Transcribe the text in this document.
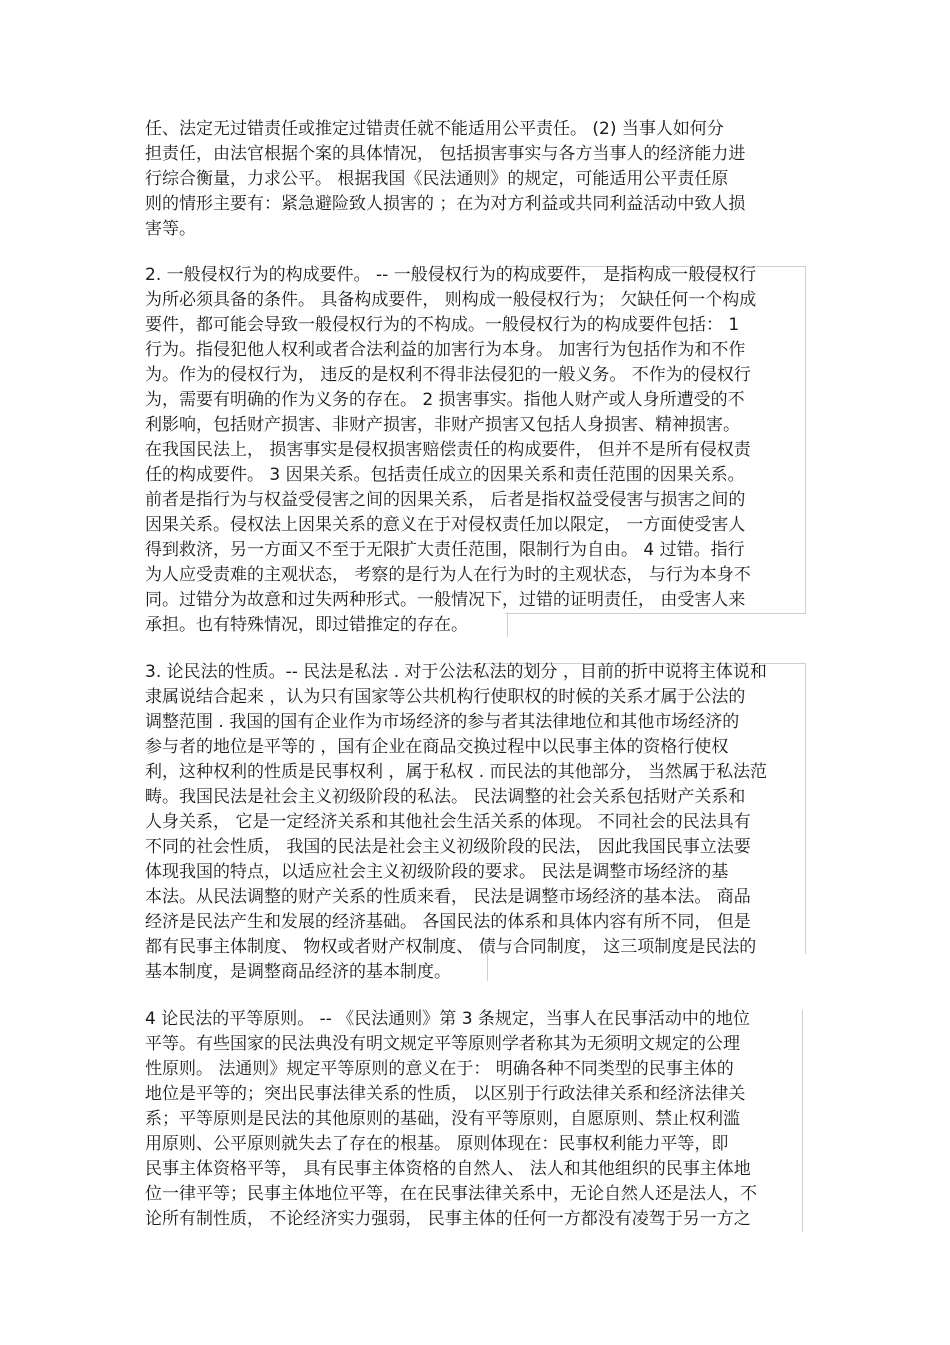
任、法定无过错责任或推定过错责任就不能适用公平责任。 (2) 当事人如何分
担责任，由法官根据个案的具体情况， 包括损害事实与各方当事人的经济能力进
行综合衡量，力求公平。 根据我国《民法通则》的规定，可能适用公平责任原
则的情形主要有：紧急避险致人损害的 ；在为对方利益或共同利益活动中致人损
害等。
2. 一般侵权行为的构成要件。 -- 一般侵权行为的构成要件， 是指构成一般侵权行
为所必须具备的条件。 具备构成要件， 则构成一般侵权行为； 欠缺任何一个构成
要件，都可能会导致一般侵权行为的不构成。一般侵权行为的构成要件包括： 1
行为。指侵犯他人权利或者合法利益的加害行为本身。 加害行为包括作为和不作
为。作为的侵权行为， 违反的是权利不得非法侵犯的一般义务。 不作为的侵权行
为，需要有明确的作为义务的存在。 2 损害事实。指他人财产或人身所遭受的不
利影响，包括财产损害、非财产损害，非财产损害又包括人身损害、精神损害。
在我国民法上， 损害事实是侵权损害赔偿责任的构成要件， 但并不是所有侵权责
任的构成要件。 3 因果关系。包括责任成立的因果关系和责任范围的因果关系。
前者是指行为与权益受侵害之间的因果关系， 后者是指权益受侵害与损害之间的
因果关系。侵权法上因果关系的意义在于对侵权责任加以限定， 一方面使受害人
得到救济，另一方面又不至于无限扩大责任范围，限制行为自由。 4 过错。指行
为人应受责难的主观状态， 考察的是行为人在行为时的主观状态， 与行为本身不
同。过错分为故意和过失两种形式。一般情况下，过错的证明责任， 由受害人来
承担。也有特殊情况，即过错推定的存在。
3. 论民法的性质。-- 民法是私法 . 对于公法私法的划分 ，目前的折中说将主体说和
隶属说结合起来 ，认为只有国家等公共机构行使职权的时候的关系才属于公法的
调整范围 . 我国的国有企业作为市场经济的参与者其法律地位和其他市场经济的
参与者的地位是平等的 ，国有企业在商品交换过程中以民事主体的资格行使权
利，这种权利的性质是民事权利 ，属于私权 . 而民法的其他部分， 当然属于私法范
畴。我国民法是社会主义初级阶段的私法。 民法调整的社会关系包括财产关系和
人身关系， 它是一定经济关系和其他社会生活关系的体现。 不同社会的民法具有
不同的社会性质， 我国的民法是社会主义初级阶段的民法， 因此我国民事立法要
体现我国的特点，以适应社会主义初级阶段的要求。 民法是调整市场经济的基
本法。从民法调整的财产关系的性质来看， 民法是调整市场经济的基本法。 商品
经济是民法产生和发展的经济基础。 各国民法的体系和具体内容有所不同， 但是
都有民事主体制度、 物权或者财产权制度、 债与合同制度， 这三项制度是民法的
基本制度，是调整商品经济的基本制度。
4 论民法的平等原则。 -- 《民法通则》第 3 条规定，当事人在民事活动中的地位
平等。有些国家的民法典没有明文规定平等原则学者称其为无须明文规定的公理
性原则。 法通则》规定平等原则的意义在于： 明确各种不同类型的民事主体的
地位是平等的；突出民事法律关系的性质， 以区别于行政法律关系和经济法律关
系；平等原则是民法的其他原则的基础，没有平等原则，自愿原则、禁止权利滥
用原则、公平原则就失去了存在的根基。 原则体现在：民事权利能力平等，即
民事主体资格平等， 具有民事主体资格的自然人、 法人和其他组织的民事主体地
位一律平等；民事主体地位平等，在在民事法律关系中，无论自然人还是法人，不
论所有制性质， 不论经济实力强弱， 民事主体的任何一方都没有凌驾于另一方之
